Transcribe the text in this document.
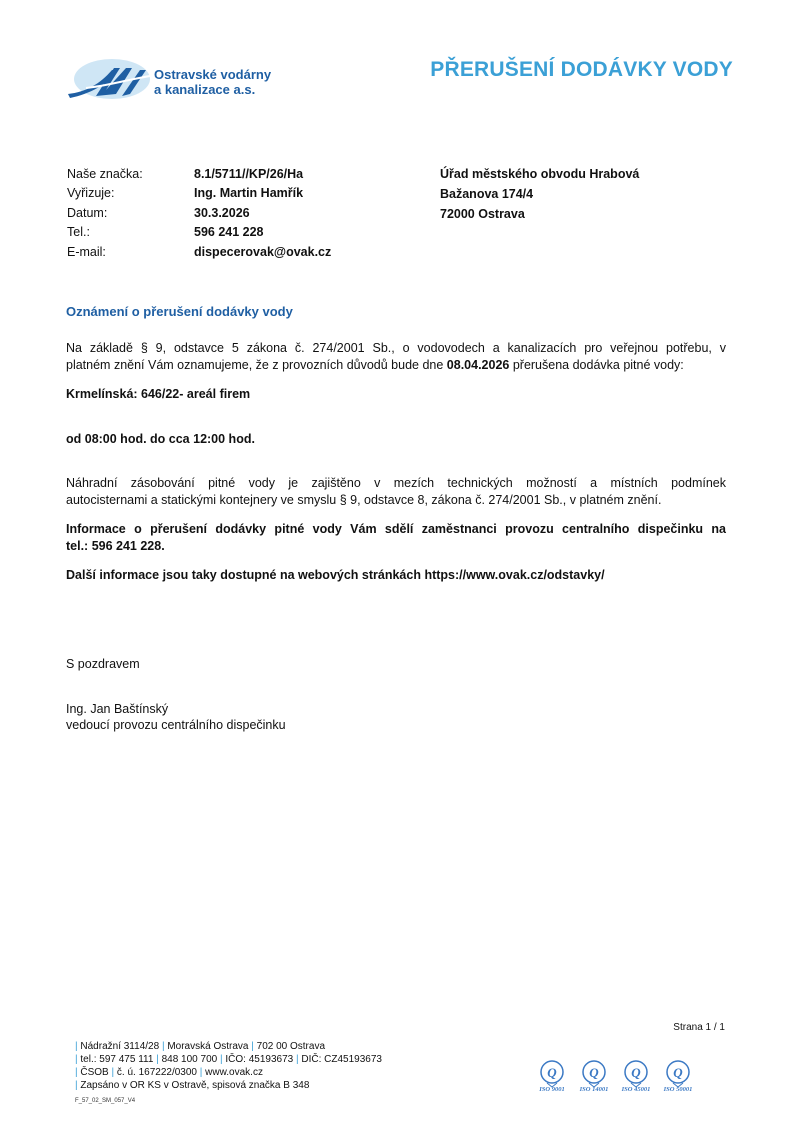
Ostravské vodárny
a kanalizace a.s.
PŘERUŠENÍ DODÁVKY VODY
Naše značka:	8.1/5711//KP/26/Ha
Vyřizuje:	Ing. Martin Hamřík
Datum:	30.3.2026
Tel.:	596 241 228
E-mail:	dispecerovak@ovak.cz
Úřad městského obvodu Hrabová
Bažanova 174/4
72000 Ostrava
Oznámení o přerušení dodávky vody
Na základě § 9, odstavce 5 zákona č. 274/2001 Sb., o vodovodech a kanalizacích pro veřejnou potřebu, v
platném znění Vám oznamujeme, že z provozních důvodů bude dne 08.04.2026 přerušena dodávka pitné vody:
Krmelínská: 646/22- areál firem
od 08:00 hod. do cca 12:00 hod.
Náhradní zásobování pitné vody je zajištěno v mezích technických možností a místních podmínek
autocisternami a statickými kontejnery ve smyslu § 9, odstavce 8, zákona č. 274/2001 Sb., v platném znění.
Informace o přerušení dodávky pitné vody Vám sdělí zaměstnanci provozu centralního dispečinku na
tel.: 596 241 228.
Další informace jsou taky dostupné na webových stránkách https://www.ovak.cz/odstavky/
S pozdravem
Ing. Jan Baštínský
vedoucí provozu centrálního dispečinku
Strana 1 / 1
| Nádražní 3114/28 | Moravská Ostrava | 702 00 Ostrava
| tel.: 597 475 111 | 848 100 700 | IČO: 45193673 | DIČ: CZ45193673
| ČSOB | č. ú. 167222/0300 | www.ovak.cz
| Zapsáno v OR KS v Ostravě, spisová značka B 348
Q
ISO 9001
Q
ISO 14001
Q
ISO 45001
Q
ISO 50001
F_57_02_SM_057_V4
